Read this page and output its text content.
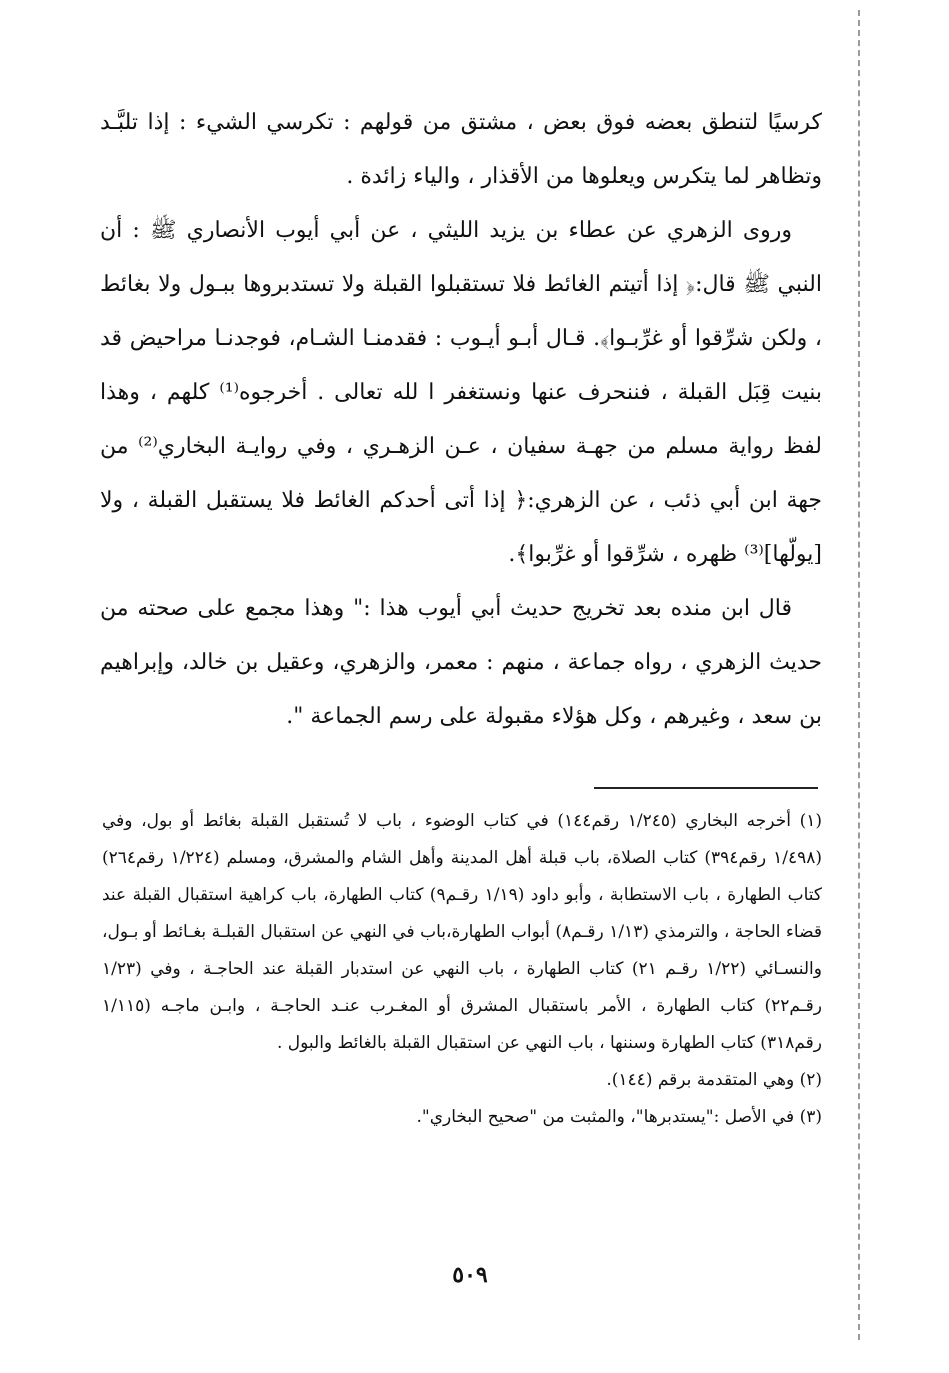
كرسيًا لتنطق بعضه فوق بعض ، مشتق من قولهم : تكرسي الشيء : إذا تلبَّـد وتظاهر لما يتكرس ويعلوها من الأقذار ، والياء زائدة .

وروى الزهري عن عطاء بن يزيد الليثي ، عن أبي أيوب الأنصاري ﷺ : أن النبي ﷺ قال:﴿ إذا أتيتم الغائط فلا تستقبلوا القبلة ولا تستدبروها ببـول ولا بغائط ، ولكن شرِّقوا أو غرِّبـوا﴾. قـال أبـو أيـوب : فقدمنـا الشـام، فوجدنـا مراحيض قد بنيت قِبَل القبلة ، فننحرف عنها ونستغفر ا لله تعالى . أخرجوه⁽¹⁾ كلهم ، وهذا لفظ رواية مسلم من جهـة سفيان ، عـن الزهـري ، وفي روايـة البخاري⁽²⁾ من جهة ابن أبي ذئب ، عن الزهري:﴿ إذا أتى أحدكم الغائط فلا يستقبل القبلة ، ولا [يولّها]⁽³⁾ ظهره ، شرِّقوا أو غرِّبوا﴾.

قال ابن منده بعد تخريج حديث أبي أيوب هذا :" وهذا مجمع على صحته من حديث الزهري ، رواه جماعة ، منهم : معمر، والزهري، وعقيل بن خالد، وإبراهيم بن سعد ، وغيرهم ، وكل هؤلاء مقبولة على رسم الجماعة ".

(١) أخرجه البخاري (١/٢٤٥ رقم١٤٤) في كتاب الوضوء ، باب لا تُستقبل القبلة بغائط أو بول، وفي (١/٤٩٨ رقم٣٩٤) كتاب الصلاة، باب قبلة أهل المدينة وأهل الشام والمشرق، ومسلم (١/٢٢٤ رقم٢٦٤) كتاب الطهارة ، باب الاستطابة ، وأبو داود (١/١٩ رقـم٩) كتاب الطهارة، باب كراهية استقبال القبلة عند قضاء الحاجة ، والترمذي (١/١٣ رقـم٨) أبواب الطهارة،باب في النهي عن استقبال القبلـة بغـائط أو بـول، والنسـائي (١/٢٢ رقـم ٢١) كتاب الطهارة ، باب النهي عن استدبار القبلة عند الحاجـة ، وفي (١/٢٣ رقـم٢٢) كتاب الطهارة ، الأمر باستقبال المشرق أو المغـرب عنـد الحاجـة ، وابـن ماجـه (١/١١٥ رقم٣١٨) كتاب الطهارة وسننها ، باب النهي عن استقبال القبلة بالغائط والبول .

(٢) وهي المتقدمة برقم (١٤٤).

(٣) في الأصل :"يستدبرها"، والمثبت من "صحيح البخاري".

٥٠٩
